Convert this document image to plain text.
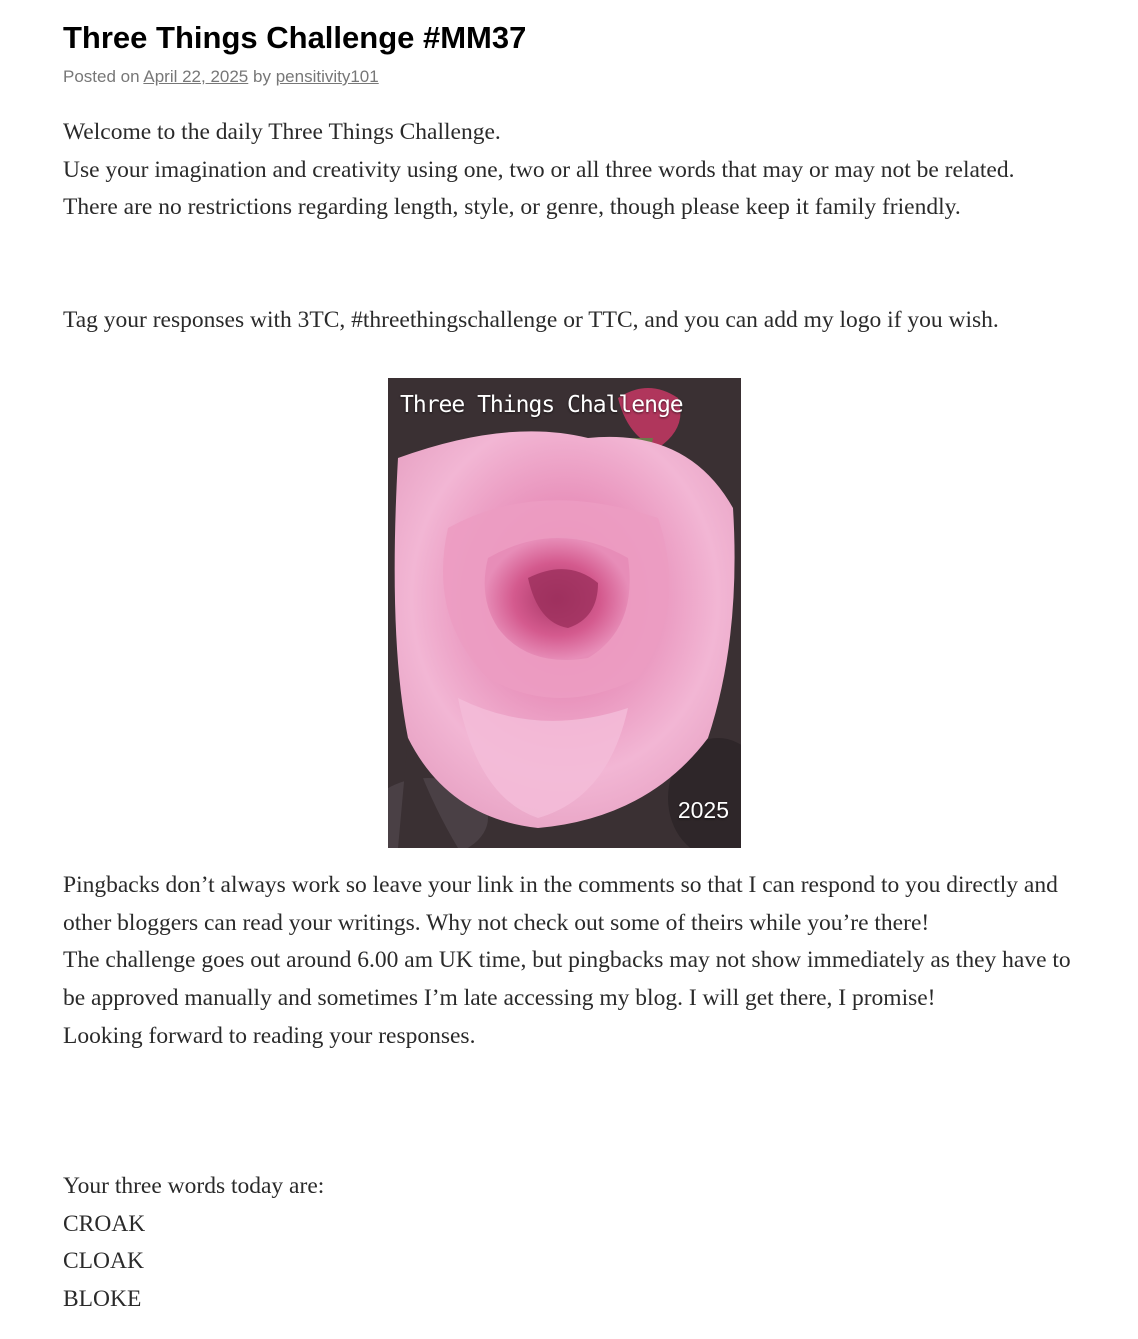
Three Things Challenge #MM37
Posted on April 22, 2025 by pensitivity101

Welcome to the daily Three Things Challenge.
Use your imagination and creativity using one, two or all three words that may or may not be related. There are no restrictions regarding length, style, or genre, though please keep it family friendly.

Tag your responses with 3TC, #threethingschallenge or TTC, and you can add my logo if you wish.

Three Things Challenge
2025

Pingbacks don’t always work so leave your link in the comments so that I can respond to you directly and other bloggers can read your writings. Why not check out some of theirs while you’re there!
The challenge goes out around 6.00 am UK time, but pingbacks may not show immediately as they have to be approved manually and sometimes I’m late accessing my blog. I will get there, I promise!
Looking forward to reading your responses.

Your three words today are:
CROAK
CLOAK
BLOKE
